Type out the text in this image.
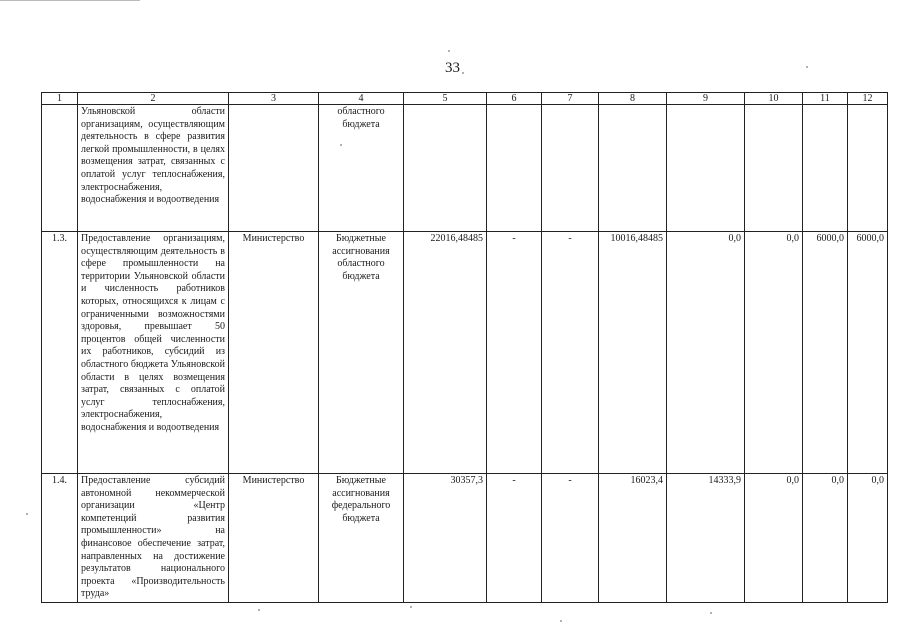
33
1	2	3	4	5	6	7	8	9	10	11	12
	Ульяновской области организациям, осуществляющим деятельность в сфере развития легкой промышленности, в целях возмещения затрат, связанных с оплатой услуг теплоснабжения, электроснабжения, водоснабжения и водоотведения		областного бюджета								
1.3.	Предоставление организациям, осуществляющим деятельность в сфере промышленности на территории Ульяновской области и численность работников которых, относящихся к лицам с ограниченными возможностями здоровья, превышает 50 процентов общей численности их работников, субсидий из областного бюджета Ульяновской области в целях возмещения затрат, связанных с оплатой услуг теплоснабжения, электроснабжения, водоснабжения и водоотведения	Министерство	Бюджетные ассигнования областного бюджета	22016,48485	-	-	10016,48485	0,0	0,0	6000,0	6000,0
1.4.	Предоставление субсидий автономной некоммерческой организации «Центр компетенций развития промышленности» на финансовое обеспечение затрат, направленных на достижение результатов национального проекта «Производительность труда»	Министерство	Бюджетные ассигнования федерального бюджета	30357,3	-	-	16023,4	14333,9	0,0	0,0	0,0
